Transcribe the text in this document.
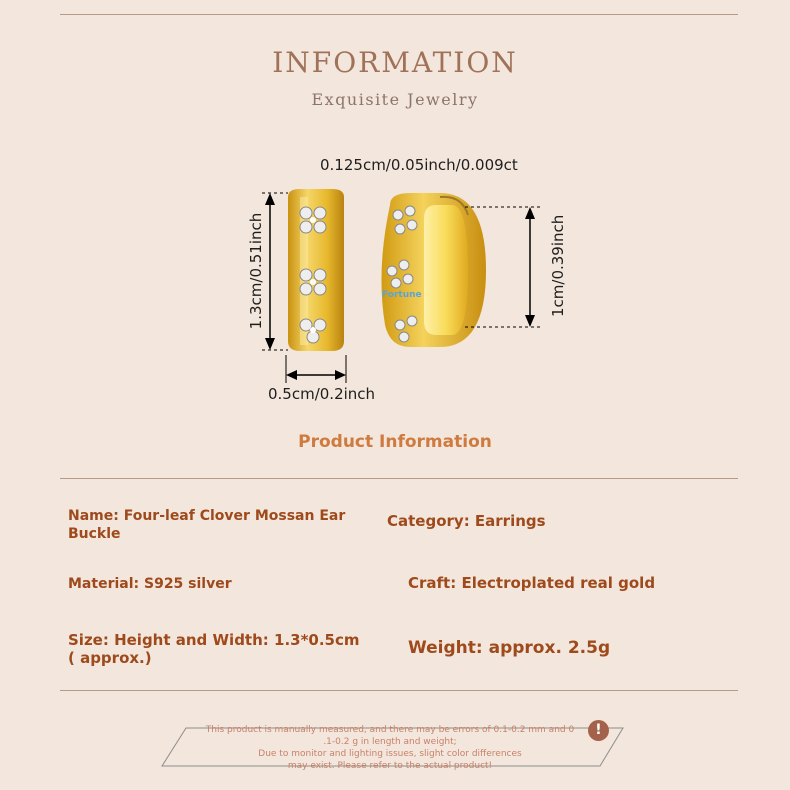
INFORMATION
Exquisite Jewelry
0.125cm/0.05inch/0.009ct
Fortune
1.3cm/0.51inch
0.5cm/0.2inch
1cm/0.39inch
Product Information
Name: Four-leaf Clover Mossan Ear Buckle
Category: Earrings
Material: S925 silver	Craft: Electroplated real gold
Size: Height and Width: 1.3*0.5cm ( approx.)	Weight: approx. 2.5g
!
This product is manually measured, and there may be errors of 0.1-0.2 mm and 0
.1-0.2 g in length and weight;
Due to monitor and lighting issues, slight color differences
may exist. Please refer to the actual product!
